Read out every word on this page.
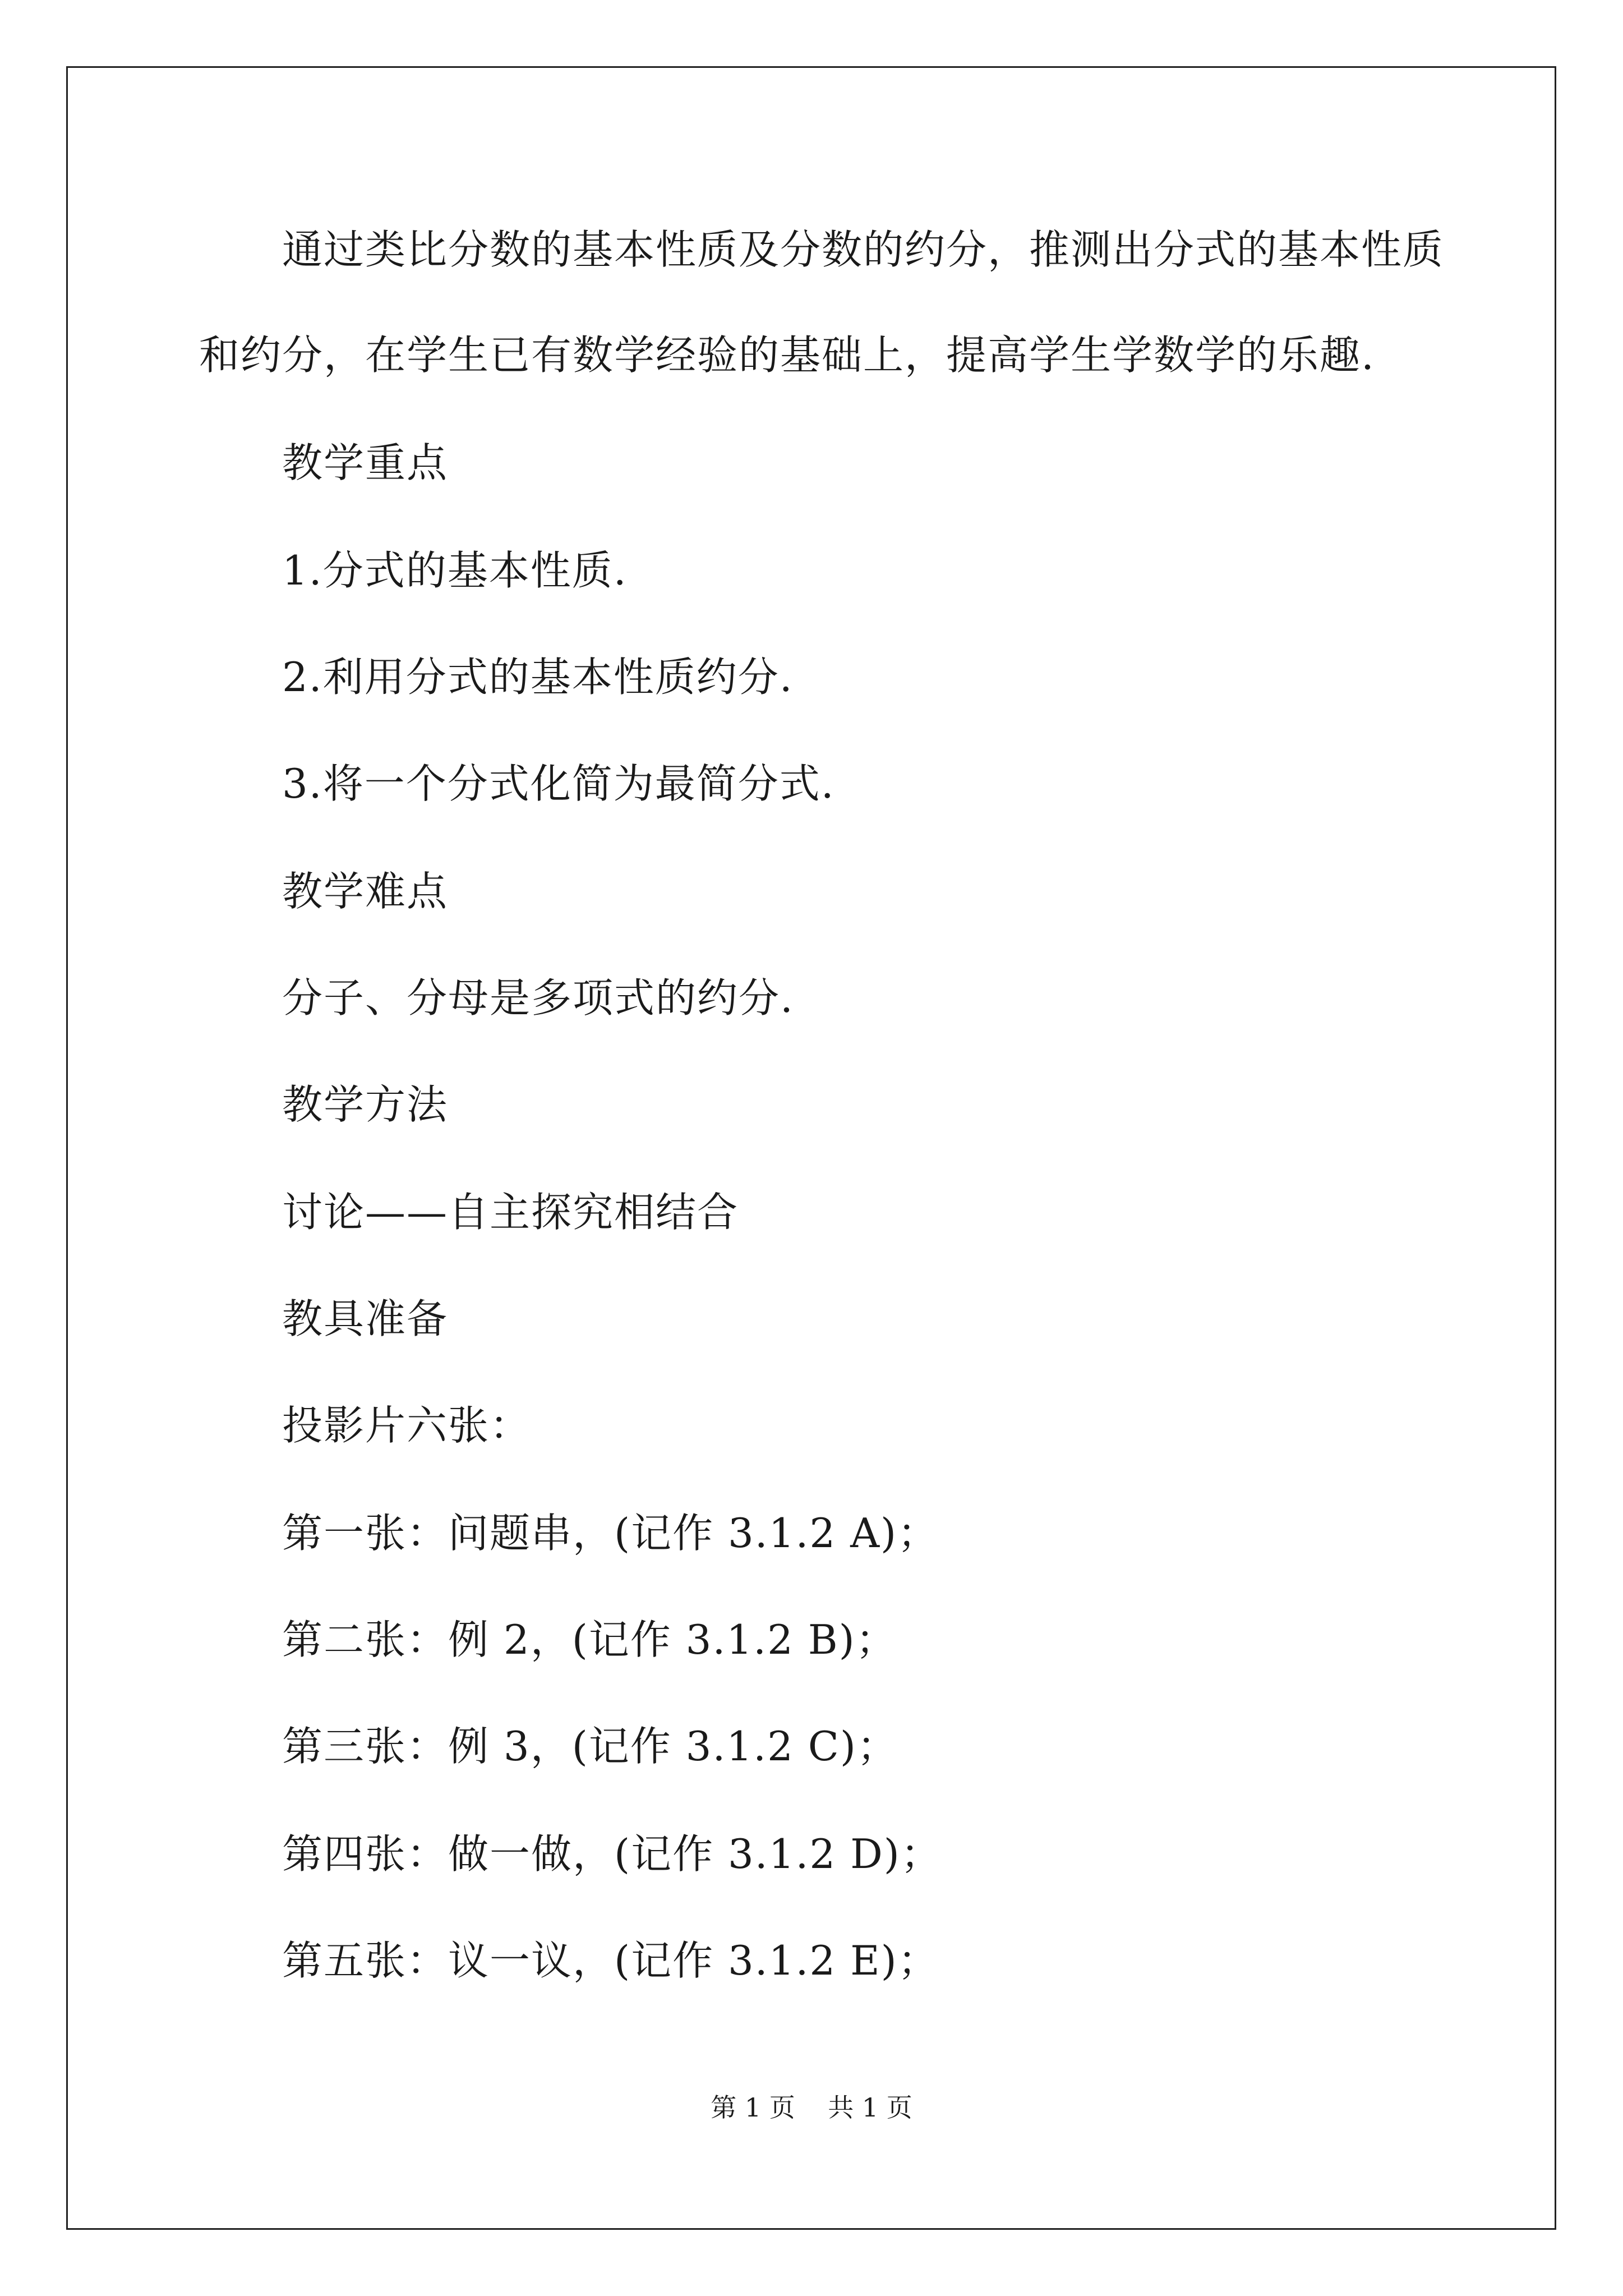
通过类比分数的基本性质及分数的约分，推测出分式的基本性质
和约分，在学生已有数学经验的基础上，提高学生学数学的乐趣.
教学重点
1.分式的基本性质.
2.利用分式的基本性质约分.
3.将一个分式化简为最简分式.
教学难点
分子、分母是多项式的约分.
教学方法
讨论——自主探究相结合
教具准备
投影片六张：
第一张：问题串，(记作 3.1.2 A)；
第二张：例 2，(记作 3.1.2 B)；
第三张：例 3，(记作 3.1.2 C)；
第四张：做一做，(记作 3.1.2 D)；
第五张：议一议，(记作 3.1.2 E)；
第 1 页    共 1 页
